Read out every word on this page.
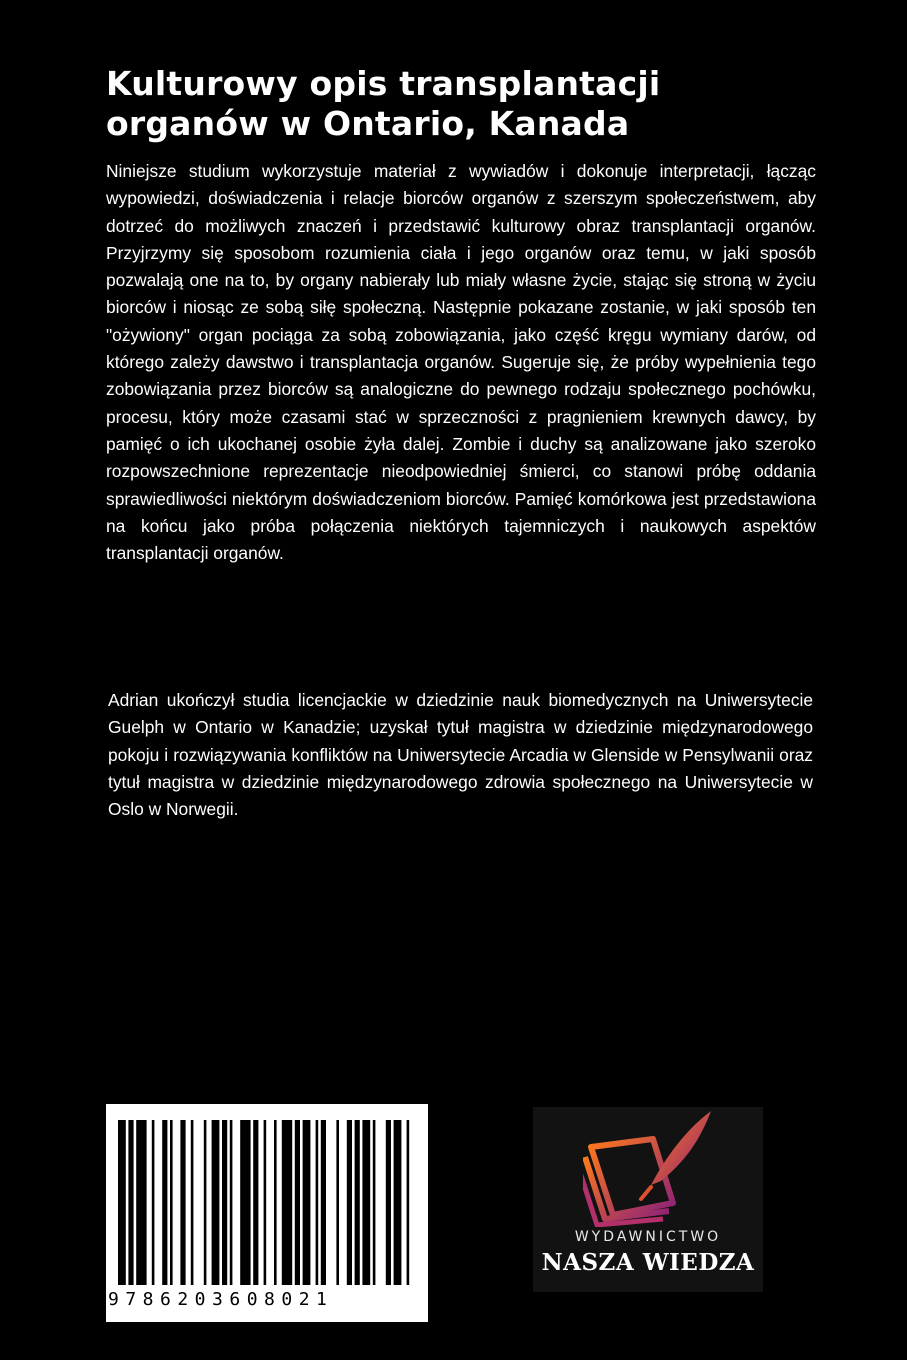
Kulturowy opis transplantacji organów w Ontario, Kanada

Niniejsze studium wykorzystuje materiał z wywiadów i dokonuje interpretacji, łącząc wypowiedzi, doświadczenia i relacje biorców organów z szerszym społeczeństwem, aby dotrzeć do możliwych znaczeń i przedstawić kulturowy obraz transplantacji organów. Przyjrzymy się sposobom rozumienia ciała i jego organów oraz temu, w jaki sposób pozwalają one na to, by organy nabierały lub miały własne życie, stając się stroną w życiu biorców i niosąc ze sobą siłę społeczną. Następnie pokazane zostanie, w jaki sposób ten "ożywiony" organ pociąga za sobą zobowiązania, jako część kręgu wymiany darów, od którego zależy dawstwo i transplantacja organów. Sugeruje się, że próby wypełnienia tego zobowiązania przez biorców są analogiczne do pewnego rodzaju społecznego pochówku, procesu, który może czasami stać w sprzeczności z pragnieniem krewnych dawcy, by pamięć o ich ukochanej osobie żyła dalej. Zombie i duchy są analizowane jako szeroko rozpowszechnione reprezentacje nieodpowiedniej śmierci, co stanowi próbę oddania sprawiedliwości niektórym doświadczeniom biorców. Pamięć komórkowa jest przedstawiona na końcu jako próba połączenia niektórych tajemniczych i naukowych aspektów transplantacji organów.

Adrian ukończył studia licencjackie w dziedzinie nauk biomedycznych na Uniwersytecie Guelph w Ontario w Kanadzie; uzyskał tytuł magistra w dziedzinie międzynarodowego pokoju i rozwiązywania konfliktów na Uniwersytecie Arcadia w Glenside w Pensylwanii oraz tytuł magistra w dziedzinie międzynarodowego zdrowia społecznego na Uniwersytecie w Oslo w Norwegii.

9786203608021
WYDAWNICTWO
NASZA WIEDZA
